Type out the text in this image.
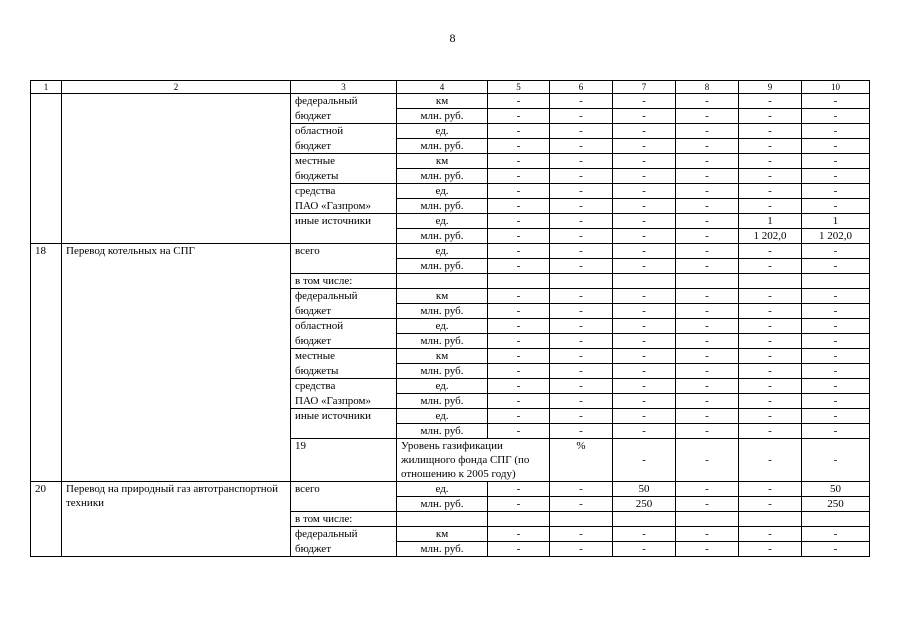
8
1	2	3	4	5	6	7	8	9	10	
		федеральный	км	-	-	-	-	-	-	
		бюджет	млн. руб.	-	-	-	-	-	-	
		областной	ед.	-	-	-	-	-	-	
		бюджет	млн. руб.	-	-	-	-	-	-	
		местные	км	-	-	-	-	-	-	
		бюджеты	млн. руб.	-	-	-	-	-	-	
		средства	ед.	-	-	-	-	-	-	
		ПАО «Газпром»	млн. руб.	-	-	-	-	-	-	
		иные источники	ед.	-	-	-	-	1	1	
			млн. руб.	-	-	-	-	1 202,0	1 202,0	
18	Перевод котельных на СПГ	всего	ед.	-	-	-	-	-	-	
			млн. руб.	-	-	-	-	-	-	
		в том числе:								
		федеральный	км	-	-	-	-	-	-	
		бюджет	млн. руб.	-	-	-	-	-	-	
		областной	ед.	-	-	-	-	-	-	
		бюджет	млн. руб.	-	-	-	-	-	-	
		местные	км	-	-	-	-	-	-	
		бюджеты	млн. руб.	-	-	-	-	-	-	
		средства	ед.	-	-	-	-	-	-	
		ПАО «Газпром»	млн. руб.	-	-	-	-	-	-	
		иные источники	ед.	-	-	-	-	-	-	
			млн. руб.	-	-	-	-	-	-	
		19	Уровень газификации жилищного фонда СПГ (по отношению к 2005 году)		%	-	-	-	-		
20	Перевод на природный газ автотранспортной техники	всего	ед.	-	-	50	-	-	50	
			млн. руб.	-	-	250	-	-	250	
		в том числе:								
		федеральный	км	-	-	-	-	-	-	
		бюджет	млн. руб.	-	-	-	-	-	-	
